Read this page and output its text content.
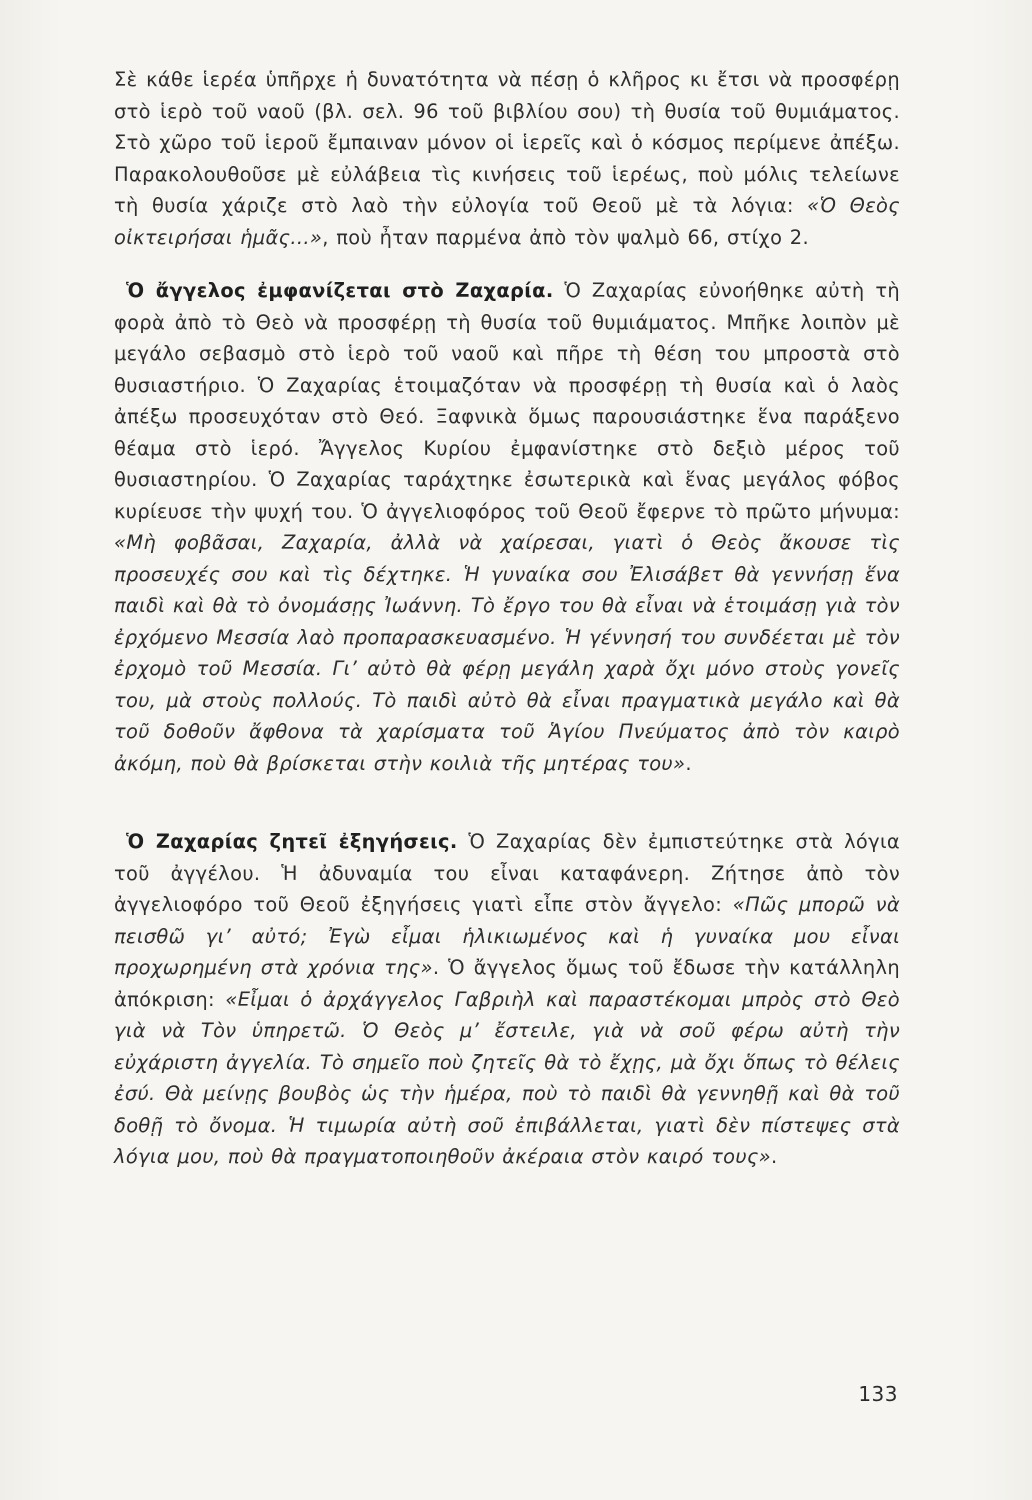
Σὲ κάθε ἱερέα ὑπῆρχε ἡ δυνατότητα νὰ πέσῃ ὁ κλῆρος κι ἔτσι νὰ προσφέρῃ στὸ ἱερὸ τοῦ ναοῦ (βλ. σελ. 96 τοῦ βιβλίου σου) τὴ θυσία τοῦ θυμιάματος. Στὸ χῶρο τοῦ ἱεροῦ ἔμπαιναν μόνον οἱ ἱερεῖς καὶ ὁ κόσμος περίμενε ἀπέξω. Παρακολουθοῦσε μὲ εὐλάβεια τὶς κινήσεις τοῦ ἱερέως, ποὺ μόλις τελείωνε τὴ θυσία χάριζε στὸ λαὸ τὴν εὐλογία τοῦ Θεοῦ μὲ τὰ λόγια: «Ὁ Θεὸς οἰκτειρήσαι ἡμᾶς...», ποὺ ἦταν παρμένα ἀπὸ τὸν ψαλμὸ 66, στίχο 2.

Ὁ ἄγγελος ἐμφανίζεται στὸ Ζαχαρία. Ὁ Ζαχαρίας εὐνοήθηκε αὐτὴ τὴ φορὰ ἀπὸ τὸ Θεὸ νὰ προσφέρῃ τὴ θυσία τοῦ θυμιάματος. Μπῆκε λοιπὸν μὲ μεγάλο σεβασμὸ στὸ ἱερὸ τοῦ ναοῦ καὶ πῆρε τὴ θέση του μπροστὰ στὸ θυσιαστήριο. Ὁ Ζαχαρίας ἑτοιμαζόταν νὰ προσφέρῃ τὴ θυσία καὶ ὁ λαὸς ἀπέξω προσευχόταν στὸ Θεό. Ξαφνικὰ ὅμως παρουσιάστηκε ἕνα παράξενο θέαμα στὸ ἱερό. Ἄγγελος Κυρίου ἐμφανίστηκε στὸ δεξιὸ μέρος τοῦ θυσιαστηρίου. Ὁ Ζαχαρίας ταράχτηκε ἐσωτερικὰ καὶ ἕνας μεγάλος φόβος κυρίευσε τὴν ψυχή του. Ὁ ἀγγελιοφόρος τοῦ Θεοῦ ἔφερνε τὸ πρῶτο μήνυμα: «Μὴ φοβᾶσαι, Ζαχαρία, ἀλλὰ νὰ χαίρεσαι, γιατὶ ὁ Θεὸς ἄκουσε τὶς προσευχές σου καὶ τὶς δέχτηκε. Ἡ γυναίκα σου Ἐλισάβετ θὰ γεννήσῃ ἕνα παιδὶ καὶ θὰ τὸ ὀνομάσῃς Ἰωάννη. Τὸ ἔργο του θὰ εἶναι νὰ ἑτοιμάσῃ γιὰ τὸν ἐρχόμενο Μεσσία λαὸ προπαρασκευασμένο. Ἡ γέννησή του συνδέεται μὲ τὸν ἐρχομὸ τοῦ Μεσσία. Γι’ αὐτὸ θὰ φέρῃ μεγάλη χαρὰ ὄχι μόνο στοὺς γονεῖς του, μὰ στοὺς πολλούς. Τὸ παιδὶ αὐτὸ θὰ εἶναι πραγματικὰ μεγάλο καὶ θὰ τοῦ δοθοῦν ἄφθονα τὰ χαρίσματα τοῦ Ἁγίου Πνεύματος ἀπὸ τὸν καιρὸ ἀκόμη, ποὺ θὰ βρίσκεται στὴν κοιλιὰ τῆς μητέρας του».

Ὁ Ζαχαρίας ζητεῖ ἐξηγήσεις. Ὁ Ζαχαρίας δὲν ἐμπιστεύτηκε στὰ λόγια τοῦ ἀγγέλου. Ἡ ἀδυναμία του εἶναι καταφάνερη. Ζήτησε ἀπὸ τὸν ἀγγελιοφόρο τοῦ Θεοῦ ἐξηγήσεις γιατὶ εἶπε στὸν ἄγγελο: «Πῶς μπορῶ νὰ πεισθῶ γι’ αὐτό; Ἐγὼ εἶμαι ἡλικιωμένος καὶ ἡ γυναίκα μου εἶναι προχωρημένη στὰ χρόνια της». Ὁ ἄγγελος ὅμως τοῦ ἔδωσε τὴν κατάλληλη ἀπόκριση: «Εἶμαι ὁ ἀρχάγγελος Γαβριὴλ καὶ παραστέκομαι μπρὸς στὸ Θεὸ γιὰ νὰ Τὸν ὑπηρετῶ. Ὁ Θεὸς μ’ ἔστειλε, γιὰ νὰ σοῦ φέρω αὐτὴ τὴν εὐχάριστη ἀγγελία. Τὸ σημεῖο ποὺ ζητεῖς θὰ τὸ ἔχῃς, μὰ ὄχι ὅπως τὸ θέλεις ἐσύ. Θὰ μείνῃς βουβὸς ὡς τὴν ἡμέρα, ποὺ τὸ παιδὶ θὰ γεννηθῇ καὶ θὰ τοῦ δοθῇ τὸ ὄνομα. Ἡ τιμωρία αὐτὴ σοῦ ἐπιβάλλεται, γιατὶ δὲν πίστεψες στὰ λόγια μου, ποὺ θὰ πραγματοποιηθοῦν ἀκέραια στὸν καιρό τους».

133
